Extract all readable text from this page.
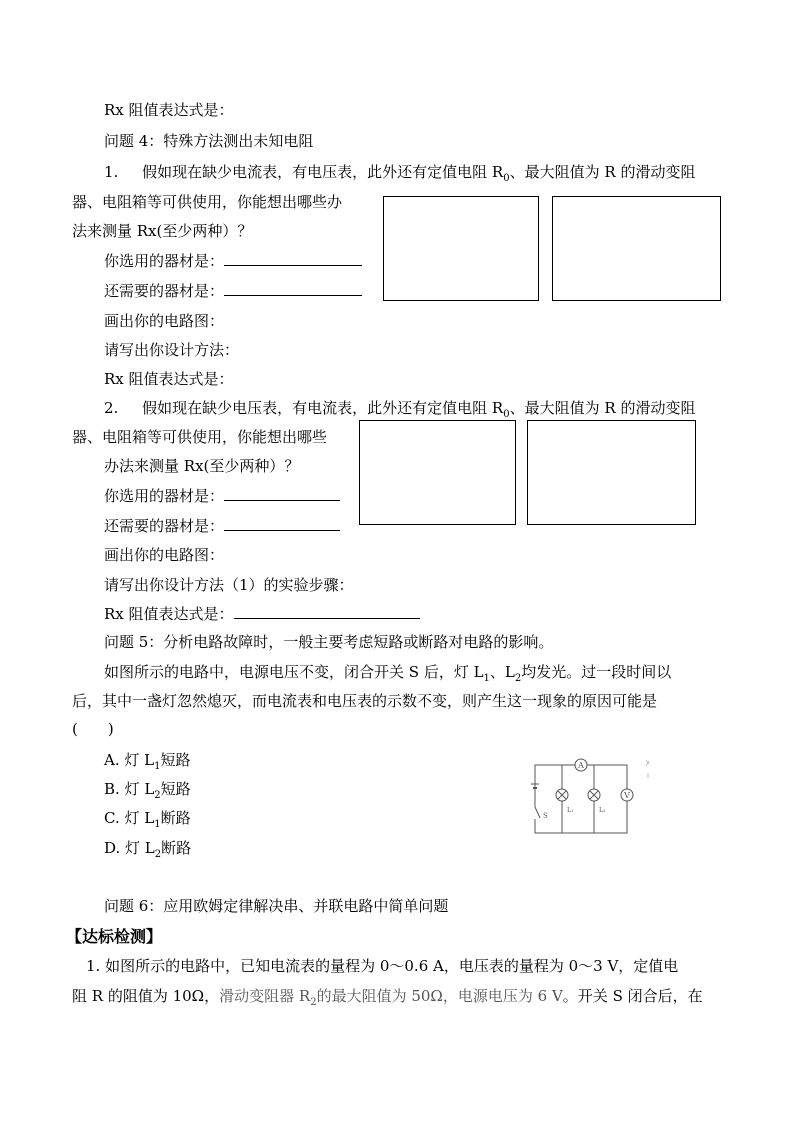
Rx 阻值表达式是：
问题 4：特殊方法测出未知电阻
1. 假如现在缺少电流表，有电压表，此外还有定值电阻 $R_0$、最大阻值为 R 的滑动变阻
器、电阻箱等可供使用，你能想出哪些办
法来测量 Rx(至少两种）？
你选用的器材是：
还需要的器材是：
画出你的电路图：
请写出你设计方法：
Rx 阻值表达式是：
2. 假如现在缺少电压表，有电流表，此外还有定值电阻 $R_0$、最大阻值为 R 的滑动变阻
器、电阻箱等可供使用，你能想出哪些
办法来测量 Rx(至少两种）？
你选用的器材是：
还需要的器材是：
画出你的电路图：
请写出你设计方法（1）的实验步骤：
Rx 阻值表达式是：
问题 5：分析电路故障时，一般主要考虑短路或断路对电路的影响。
如图所示的电路中，电源电压不变，闭合开关 S 后，灯 $L_1$、$L_2$均发光。过一段时间以
后，其中一盏灯忽然熄灭，而电流表和电压表的示数不变，则产生这一现象的原因可能是
(　　)
A. 灯 $L_1$短路
B. 灯 $L_2$短路
C. 灯 $L_1$断路
D. 灯 $L_2$断路
S
A
L₁	L₂
V
问题 6：应用欧姆定律解决串、并联电路中简单问题
【达标检测】
1. 如图所示的电路中，已知电流表的量程为 0～0.6 A，电压表的量程为 0～3 V，定值电
阻 R 的阻值为 10Ω，滑动变阻器 $R_2$的最大阻值为 50Ω，电源电压为 6 V。开关 S 闭合后，在
